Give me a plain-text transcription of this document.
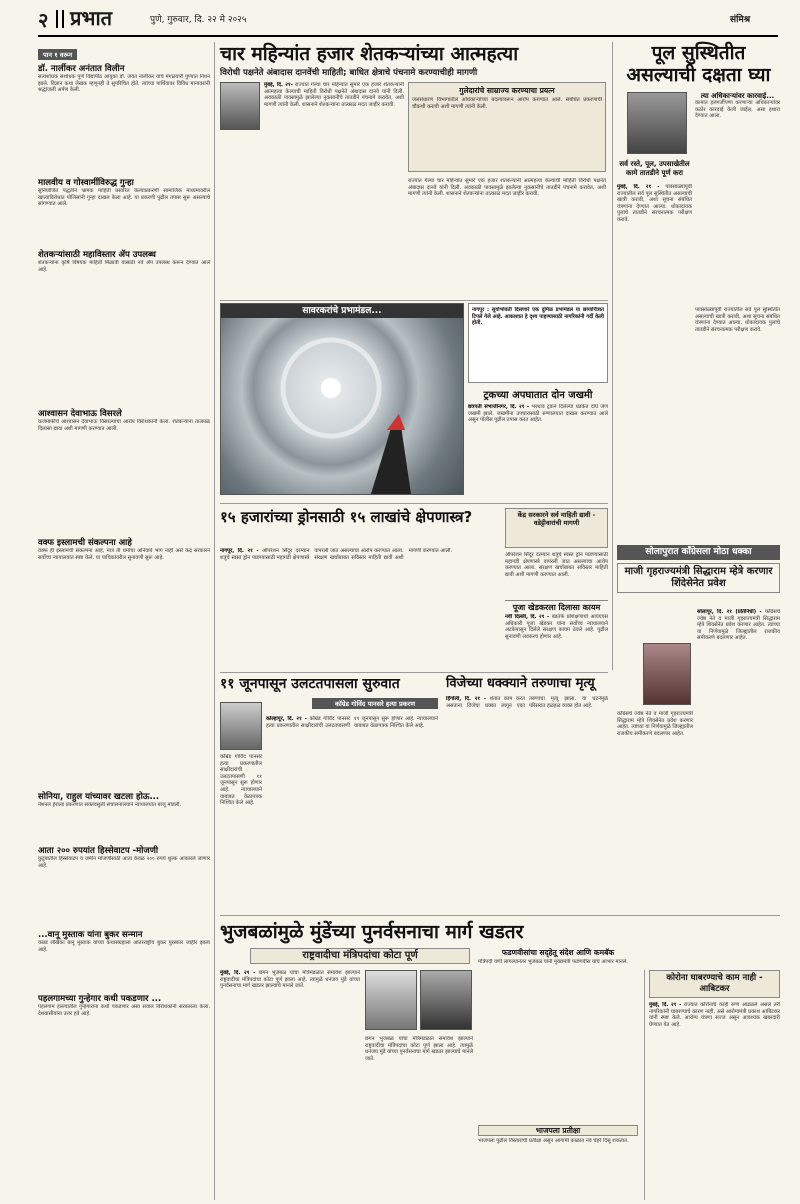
२ प्रभात	पुणे, गुरुवार, दि. २२ मे २०२५	संमिश्र
पान १ वरून
डॉ. नार्लीकर अनंतात विलीन
सत्यशोधक संशोधक पुणे विद्यापीठ आयुका डॉ. जयंत नार्लीकर यांचे मंगळवारी पुण्यात निधन झाले. विज्ञान कथा लेखक म्हणूनही ते सुपरिचित होते. त्यांच्या पार्थिवावर विविध मान्यवरांनी श्रद्धांजली अर्पण केली.
मालवीय व गोस्वामींविरुद्ध गुन्हा
सुनियोजित पद्धतीने भ्रामक माहिती प्रसारित केल्याप्रकरणी सामाजिक माध्यमावरील खात्याविरोधात पोलिसांनी गुन्हा दाखल केला आहे. या प्रकरणी पुढील तपास सुरू असल्याचे सांगण्यात आले.
शेतकऱ्यांसाठी महाविस्तार ॲप उपलब्ध
शेतकऱ्यांना कृषि विषयक माहिती मिळावी यासाठी नवे ॲप उपलब्ध करून देण्यात आले आहे.
आश्वासन देवाभाऊ विसरले
कर्जमाफीचे आश्वासन देवाभाऊ विसरल्याचा आरोप विरोधकांनी केला. शेतकऱ्यांना तात्काळ दिलासा द्यावा अशी मागणी करण्यात आली.
वक्फ इस्लामची संकल्पना आहे
वक्फ ही इस्लामची संकल्पना आहे, मात्र ती धर्माचा अनिवार्य भाग नाही असे केंद्र सरकारने सर्वोच्च न्यायालयात स्पष्ट केले. या याचिकांवरील सुनावणी सुरू आहे.
सोनिया, राहुल यांच्यावर खटला होऊ...
नॅशनल हेराल्ड प्रकरणात सक्तवसुली संचालनालयाने न्यायालयात बाजू मांडली.
आता २०० रुपयांत हिस्सेवाटप -मोजणी
कुटुंबातील हिस्सेवाटप व जमीन मोजणीसाठी आता केवळ २०० रुपये शुल्क आकारले जाणार आहे.
...वानू मुस्ताक यांना बुकर सन्मान
कन्नड लेखिका बानू मुस्ताक यांच्या कथासंग्रहाला आंतरराष्ट्रीय बुकर पुरस्कार जाहीर झाला आहे.
पहलगामच्या गुन्हेगार कधी पकडणार ...
पहलगाम हल्ल्यातील गुन्हेगारांना कधी पकडणार असा सवाल विरोधकांनी सरकारला केला. देशवासीयांना उत्तर हवे आहे.
चार महिन्यांत हजार शेतकऱ्यांच्या आत्महत्या
विरोधी पक्षनेते अंबादास दानवेंची माहिती; बाधित क्षेत्राचे पंचनामे करण्याचीही मागणी
मुंबई, दि. २१- राज्यात गेल्या चार महिन्यांत सुमारे एक हजार शेतकऱ्यांनी आत्महत्या केल्याची माहिती विरोधी पक्षनेते अंबादास दानवे यांनी दिली. अवकाळी पावसामुळे झालेल्या नुकसानीचे तातडीने पंचनामे करावेत, अशी मागणी त्यांनी केली. शासनाने शेतकऱ्यांना तात्काळ मदत जाहीर करावी.
गुलेदारांचे साम्राज्य करण्याचा प्रयत्न
जलसंधारण विभागातील अधिकाऱ्यांच्या बदल्यांवरून आरोप करण्यात आले. संबंधित प्रकरणाची चौकशी करावी अशी मागणी त्यांनी केली.
राज्यात गेल्या चार महिन्यांत सुमारे एक हजार शेतकऱ्यांनी आत्महत्या केल्याची माहिती विरोधी पक्षनेते अंबादास दानवे यांनी दिली. अवकाळी पावसामुळे झालेल्या नुकसानीचे तातडीने पंचनामे करावेत, अशी मागणी त्यांनी केली. शासनाने शेतकऱ्यांना तात्काळ मदत जाहीर करावी.
पूल सुस्थितीत असल्याची दक्षता घ्या
त्या अधिकाऱ्यांवर कारवाई...
कामात हलगर्जीपणा करणाऱ्या अधिकाऱ्यांवर कठोर कारवाई केली जाईल, असा इशारा देण्यात आला.
सर्व रस्ते, पूल, उपसाखेतील कामे तातडीने पूर्ण करा
मुंबई, दि. २१ - पावसाळ्यापूर्वी राज्यातील सर्व पूल सुस्थितीत असल्याची खात्री करावी, अशा सूचना संबंधित यंत्रणांना देण्यात आल्या. धोकादायक पुलांचे तातडीने संरचनात्मक परीक्षण करावे.
पावसाळ्यापूर्वी राज्यातील सर्व पूल सुस्थितीत असल्याची खात्री करावी, अशा सूचना संबंधित यंत्रणांना देण्यात आल्या. धोकादायक पुलांचे तातडीने संरचनात्मक परीक्षण करावे.
सावरकरांचे प्रभामंडल...	नागपूर : सूर्याभोवती दिसणारे एक दुर्मिळ प्रभामंडल या छायाचित्रात टिपले गेले आहे. आकाशात हे दृश्य पाहण्यासाठी नागरिकांनी गर्दी केली होती.
ट्रकच्या अपघातात दोन जखमी
छत्रपती संभाजीनगर, दि. २१ - भरधाव ट्रकने दिलेल्या धडकेत दोघे जण जखमी झाले. जखमींना उपचारासाठी रुग्णालयात दाखल करण्यात आले असून पोलीस पुढील तपास करत आहेत.
१५ हजारांच्या ड्रोनसाठी १५ लाखांचे क्षेपणास्त्र?
नागपूर, दि. २१ - ऑपरेशन सिंदूर दरम्यान शत्रूचे स्वस्त ड्रोन पाडण्यासाठी महागडी क्षेपणास्त्रे वापरली जात असल्याचा आरोप करण्यात आला. संरक्षण खर्चाबाबत सविस्तर माहिती द्यावी अशी मागणी करण्यात आली.
केंद्र सरकारने सर्व माहिती द्यावी - वडेट्टीवारांची मागणी
ऑपरेशन सिंदूर दरम्यान शत्रूचे स्वस्त ड्रोन पाडण्यासाठी महागडी क्षेपणास्त्रे वापरली जात असल्याचा आरोप करण्यात आला. संरक्षण खर्चाबाबत सविस्तर माहिती द्यावी अशी मागणी करण्यात आली.
सोलापुरात काँग्रेसला मोठा धक्का
माजी गृहराज्यमंत्री सिद्धाराम म्हेत्रे करणार शिंदेसेनेत प्रवेश
सोलापूर, दि. २१ (प्रतिनिधी) - काँग्रेसचे ज्येष्ठ नेते व माजी गृहराज्यमंत्री सिद्धाराम म्हेत्रे शिवसेनेत प्रवेश करणार आहेत. त्यांच्या या निर्णयामुळे जिल्ह्यातील राजकीय समीकरणे बदलणार आहेत.
काँग्रेसचे ज्येष्ठ नेते व माजी गृहराज्यमंत्री सिद्धाराम म्हेत्रे शिवसेनेत प्रवेश करणार आहेत. त्यांच्या या निर्णयामुळे जिल्ह्यातील राजकीय समीकरणे बदलणार आहेत.
११ जूनपासून उलटतपासला सुरुवात
कॉम्रेड गोविंद पानसरे हत्या प्रकरण
कोल्हापूर, दि. २१ - कॉम्रेड गोविंद पानसरे हत्या प्रकरणातील साक्षीदारांची उलटतपासणी ११ जूनपासून सुरू होणार आहे. न्यायालयाने याबाबत वेळापत्रक निश्चित केले आहे.
कॉम्रेड गोविंद पानसरे हत्या प्रकरणातील साक्षीदारांची उलटतपासणी ११ जूनपासून सुरू होणार आहे. न्यायालयाने याबाबत वेळापत्रक निश्चित केले आहे.
विजेच्या धक्क्याने तरुणाचा मृत्यू
हिंगोली, दि. २१ - शेतात काम करत असताना विजेचा धक्का लागून एका तरुणाचा मृत्यू झाला. या घटनेमुळे परिसरात हळहळ व्यक्त होत आहे.
भुजबळांमुळे मुंडेंच्या पुनर्वसनाचा मार्ग खडतर
राष्ट्रवादीचा मंत्रिपदांचा कोटा पूर्ण
मुंबई, दि. २१ - छगन भुजबळ यांचा मंत्रिमंडळात समावेश झाल्याने राष्ट्रवादीचा मंत्रिपदांचा कोटा पूर्ण झाला आहे. त्यामुळे धनंजय मुंडे यांच्या पुनर्वसनाचा मार्ग खडतर झाल्याचे मानले जाते.
छगन भुजबळ यांचा मंत्रिमंडळात समावेश झाल्याने राष्ट्रवादीचा मंत्रिपदांचा कोटा पूर्ण झाला आहे. त्यामुळे धनंजय मुंडे यांच्या पुनर्वसनाचा मार्ग खडतर झाल्याचे मानले जाते.
फडणवीसांचा सद्‌हेतू संदेश आणि कमबॅक
मंत्रिपदी वर्णी लागल्यानंतर भुजबळ यांनी मुख्यमंत्री फडणवीस यांचे आभार मानले.
भाजपला प्रतीक्षा
भाजपला पुढील विस्ताराची प्रतीक्षा असून आगामी काळात नवे चेहरे दिसू शकतात.
कोरोना घाबरण्याचे काम नाही - आबिटकर
मुंबई, दि. २१ - राज्यात कोरोनाचे काही रुग्ण आढळले असले तरी नागरिकांनी घाबरण्याचे कारण नाही, असे आरोग्यमंत्री प्रकाश आबिटकर यांनी स्पष्ट केले. आरोग्य यंत्रणा सज्ज असून आवश्यक खबरदारी घेण्यात येत आहे.
पूजा खेडकरला दिलासा कायम
नवी दिल्ली, दि. २१ - बडतर्फ प्रशिक्षणार्थी आयएएस अधिकारी पूजा खेडकर यांना सर्वोच्च न्यायालयाने अटकेपासून दिलेले संरक्षण कायम ठेवले आहे. पुढील सुनावणी लवकरच होणार आहे.
